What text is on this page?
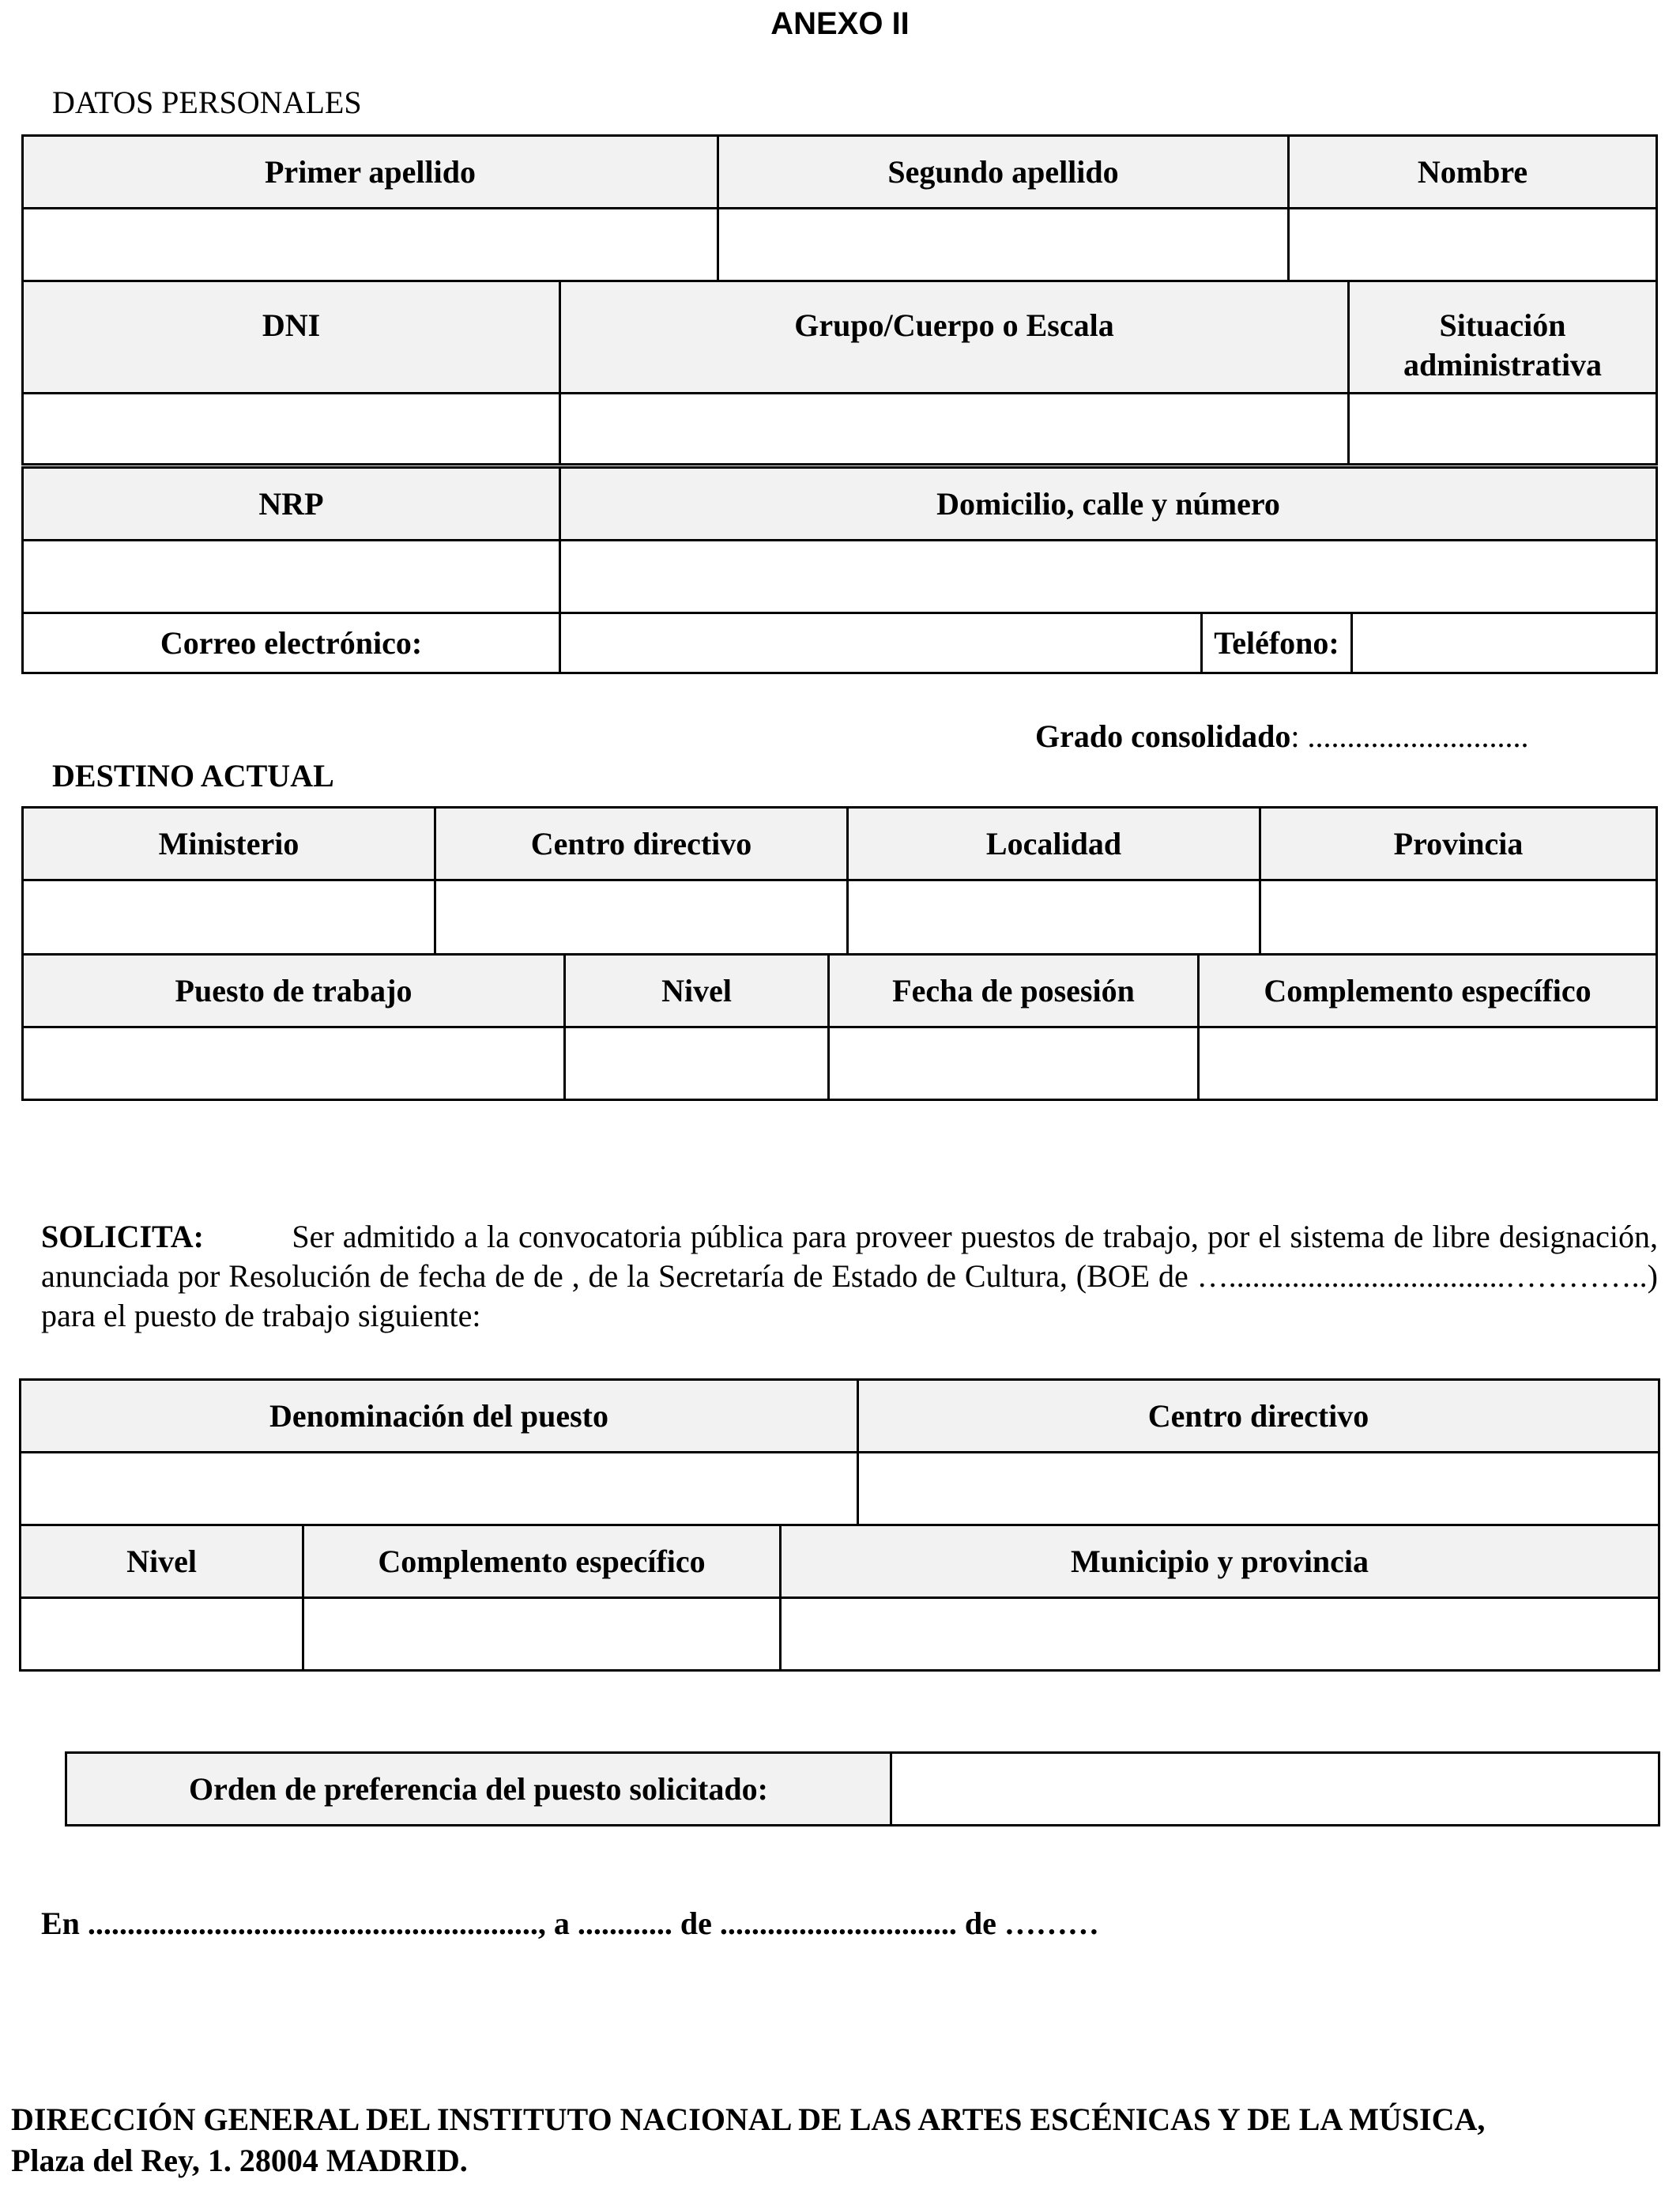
ANEXO II
DATOS PERSONALES
Primer apellido	Segundo apellido	Nombre

DNI	Grupo/Cuerpo o Escala	Situación administrativa

NRP	Domicilio, calle y número		

Correo electrónico:		Teléfono:	
Grado consolidado: ............................
DESTINO ACTUAL
Ministerio	Centro directivo	Localidad	Provincia

Puesto de trabajo	Nivel	Fecha de posesión	Complemento específico

SOLICITA:	Ser admitido a la convocatoria pública para proveer puestos de trabajo, por el sistema de libre designación, anunciada por Resolución de fecha de de , de la Secretaría de Estado de Cultura, (BOE de …...................................…………..) para el puesto de trabajo siguiente:
Denominación del puesto	Centro directivo

Nivel	Complemento específico	Municipio y provincia

Orden de preferencia del puesto solicitado:	
En ........................................................., a ............ de .............................. de ………
DIRECCIÓN GENERAL DEL INSTITUTO NACIONAL DE LAS ARTES ESCÉNICAS Y DE LA MÚSICA,
Plaza del Rey, 1. 28004 MADRID.
